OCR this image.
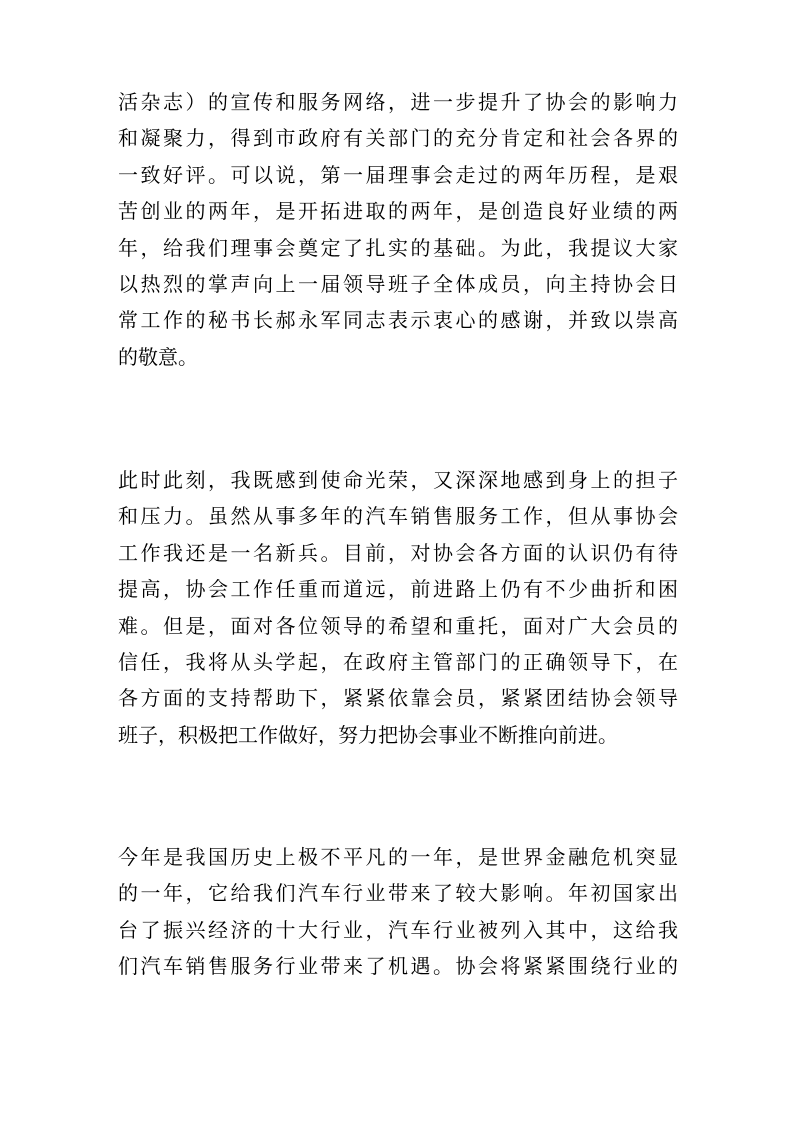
活杂志）的宣传和服务网络，进一步提升了协会的影响力
和凝聚力，得到市政府有关部门的充分肯定和社会各界的
一致好评。可以说，第一届理事会走过的两年历程，是艰
苦创业的两年，是开拓进取的两年，是创造良好业绩的两
年，给我们理事会奠定了扎实的基础。为此，我提议大家
以热烈的掌声向上一届领导班子全体成员，向主持协会日
常工作的秘书长郝永军同志表示衷心的感谢，并致以崇高
的敬意。
此时此刻，我既感到使命光荣，又深深地感到身上的担子
和压力。虽然从事多年的汽车销售服务工作，但从事协会
工作我还是一名新兵。目前，对协会各方面的认识仍有待
提高，协会工作任重而道远，前进路上仍有不少曲折和困
难。但是，面对各位领导的希望和重托，面对广大会员的
信任，我将从头学起，在政府主管部门的正确领导下，在
各方面的支持帮助下，紧紧依靠会员，紧紧团结协会领导
班子，积极把工作做好，努力把协会事业不断推向前进。
今年是我国历史上极不平凡的一年，是世界金融危机突显
的一年，它给我们汽车行业带来了较大影响。年初国家出
台了振兴经济的十大行业，汽车行业被列入其中，这给我
们汽车销售服务行业带来了机遇。协会将紧紧围绕行业的
